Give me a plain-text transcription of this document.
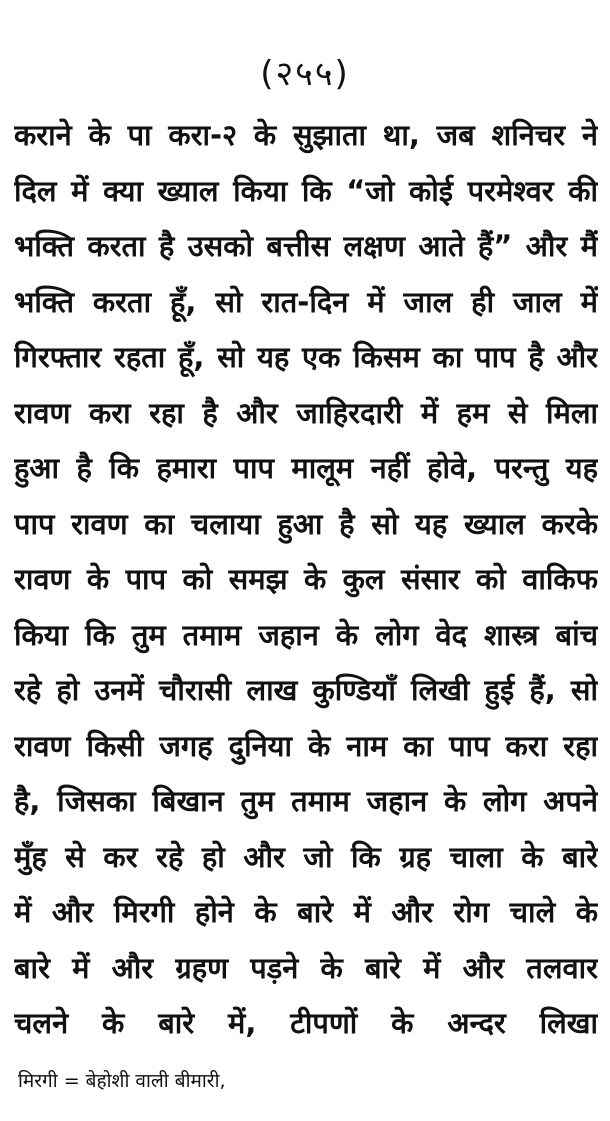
(२५५)
कराने के पा करा-२ के सुझाता था, जब शनिचर ने
दिल में क्या ख्याल किया कि “जो कोई परमेश्वर की
भक्ति करता है उसको बत्तीस लक्षण आते हैं” और मैं
भक्ति करता हूँ, सो रात-दिन में जाल ही जाल में
गिरफ्तार रहता हूँ, सो यह एक किसम का पाप है और
रावण करा रहा है और जाहिरदारी में हम से मिला
हुआ है कि हमारा पाप मालूम नहीं होवे, परन्तु यह
पाप रावण का चलाया हुआ है सो यह ख्याल करके
रावण के पाप को समझ के कुल संसार को वाकिफ
किया कि तुम तमाम जहान के लोग वेद शास्त्र बांच
रहे हो उनमें चौरासी लाख कुण्डियाँ लिखी हुई हैं, सो
रावण किसी जगह दुनिया के नाम का पाप करा रहा
है, जिसका बिखान तुम तमाम जहान के लोग अपने
मुँह से कर रहे हो और जो कि ग्रह चाला के बारे
में और मिरगी होने के बारे में और रोग चाले के
बारे में और ग्रहण पड़ने के बारे में और तलवार
चलने के बारे में, टीपणों के अन्दर लिखा
मिरगी = बेहोशी वाली बीमारी,
